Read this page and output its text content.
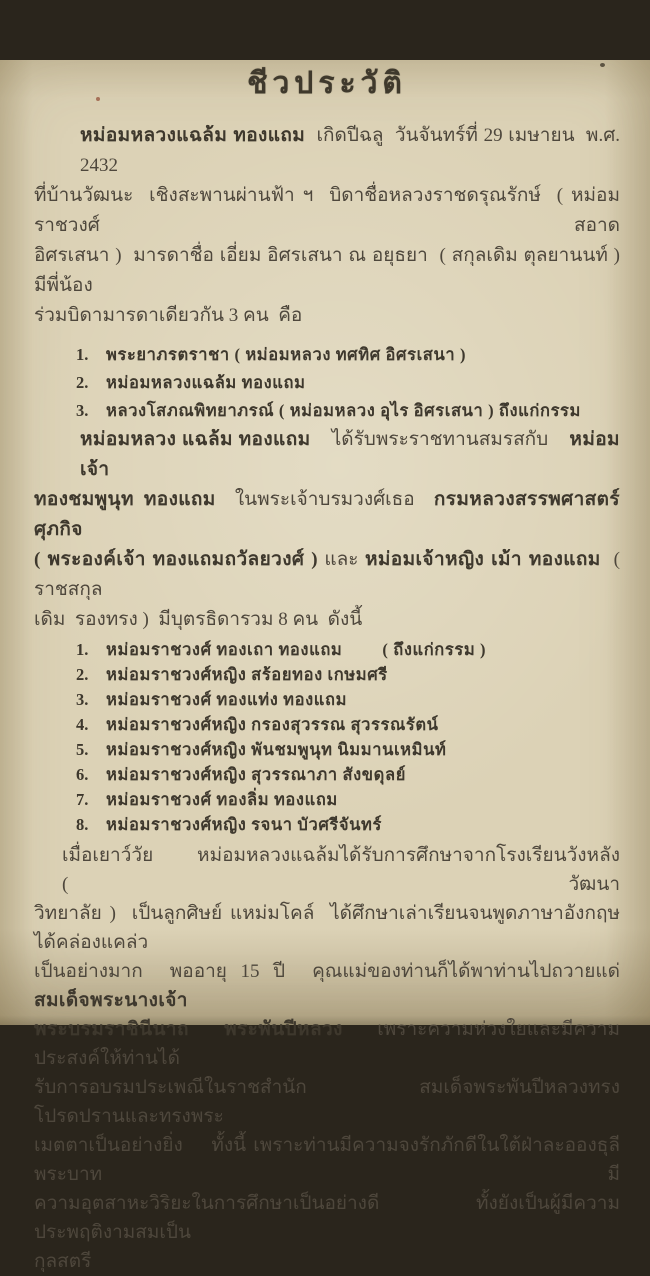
ชีวประวัติ
หม่อมหลวงแฉล้ม ทองแถม  เกิดปีฉลู  วันจันทร์ที่ 29 เมษายน  พ.ศ. 2432
ที่บ้านวัฒนะ  เชิงสะพานผ่านฟ้า ฯ  บิดาชื่อหลวงราชดรุณรักษ์  ( หม่อมราชวงศ์ สอาด
อิศรเสนา )  มารดาชื่อ เอี่ยม อิศรเสนา ณ อยุธยา  ( สกุลเดิม ตุลยานนท์ )  มีพี่น้อง
ร่วมบิดามารดาเดียวกัน 3 คน  คือ
1.	พระยาภรตราชา ( หม่อมหลวง ทศทิศ อิศรเสนา )
2.	หม่อมหลวงแฉล้ม ทองแถม
3.	หลวงโสภณพิทยาภรณ์ ( หม่อมหลวง อุไร อิศรเสนา ) ถึงแก่กรรม
หม่อมหลวง แฉล้ม ทองแถม    ได้รับพระราชทานสมรสกับ    หม่อมเจ้า
ทองชมพูนุท ทองแถม  ในพระเจ้าบรมวงศ์เธอ  กรมหลวงสรรพศาสตร์ศุภกิจ
( พระองค์เจ้า ทองแถมถวัลยวงศ์ ) และ หม่อมเจ้าหญิง เม้า ทองแถม  ( ราชสกุล
เดิม  รองทรง )  มีบุตรธิดารวม 8 คน  ดังนี้
1.	หม่อมราชวงศ์ ทองเถา ทองแถม ( ถึงแก่กรรม )
2.	หม่อมราชวงศ์หญิง สร้อยทอง เกษมศรี
3.	หม่อมราชวงศ์ ทองแท่ง ทองแถม
4.	หม่อมราชวงศ์หญิง กรองสุวรรณ สุวรรณรัตน์
5.	หม่อมราชวงศ์หญิง พันชมพูนุท นิมมานเหมินท์
6.	หม่อมราชวงศ์หญิง สุวรรณาภา สังขดุลย์
7.	หม่อมราชวงศ์ ทองลิ่ม ทองแถม
8.	หม่อมราชวงศ์หญิง รจนา บัวศรีจันทร์
เมื่อเยาว์วัย    หม่อมหลวงแฉล้มได้รับการศึกษาจากโรงเรียนวังหลัง    ( วัฒนา
วิทยาลัย )  เป็นลูกศิษย์ แหม่มโคล์  ได้ศึกษาเล่าเรียนจนพูดภาษาอังกฤษได้คล่องแคล่ว
เป็นอย่างมาก  พออายุ 15 ปี  คุณแม่ของท่านก็ได้พาท่านไปถวายแด่สมเด็จพระนางเจ้า
พระบรมราชินีนาถ  พระพันปีหลวง  เพราะความห่วงใยและมีความประสงค์ให้ท่านได้
รับการอบรมประเพณีในราชสำนัก      สมเด็จพระพันปีหลวงทรงโปรดปรานและทรงพระ
เมตตาเป็นอย่างยิ่ง    ทั้งนี้ เพราะท่านมีความจงรักภักดีในใต้ฝ่าละอองธุลีพระบาท    มี
ความอุตสาหะวิริยะในการศึกษาเป็นอย่างดี        ทั้งยังเป็นผู้มีความประพฤติงามสมเป็น
กุลสตรี
